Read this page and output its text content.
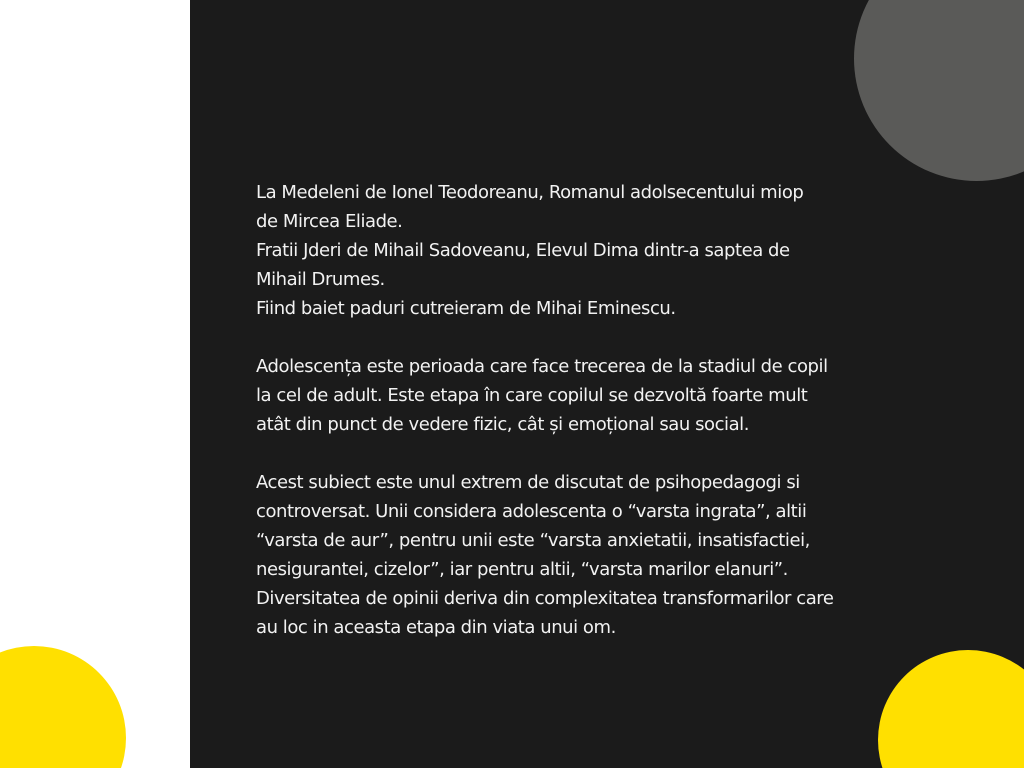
La Medeleni de Ionel Teodoreanu, Romanul adolsecentului miop
de Mircea Eliade.
Fratii Jderi de Mihail Sadoveanu, Elevul Dima dintr-a saptea de
Mihail Drumes.
Fiind baiet paduri cutreieram de Mihai Eminescu.

Adolescența este perioada care face trecerea de la stadiul de copil
la cel de adult. Este etapa în care copilul se dezvoltă foarte mult
atât din punct de vedere fizic, cât și emoțional sau social.

Acest subiect este unul extrem de discutat de psihopedagogi si
controversat. Unii considera adolescenta o “varsta ingrata”, altii
“varsta de aur”, pentru unii este “varsta anxietatii, insatisfactiei,
nesigurantei, cizelor”, iar pentru altii, “varsta marilor elanuri”.
Diversitatea de opinii deriva din complexitatea transformarilor care
au loc in aceasta etapa din viata unui om.
